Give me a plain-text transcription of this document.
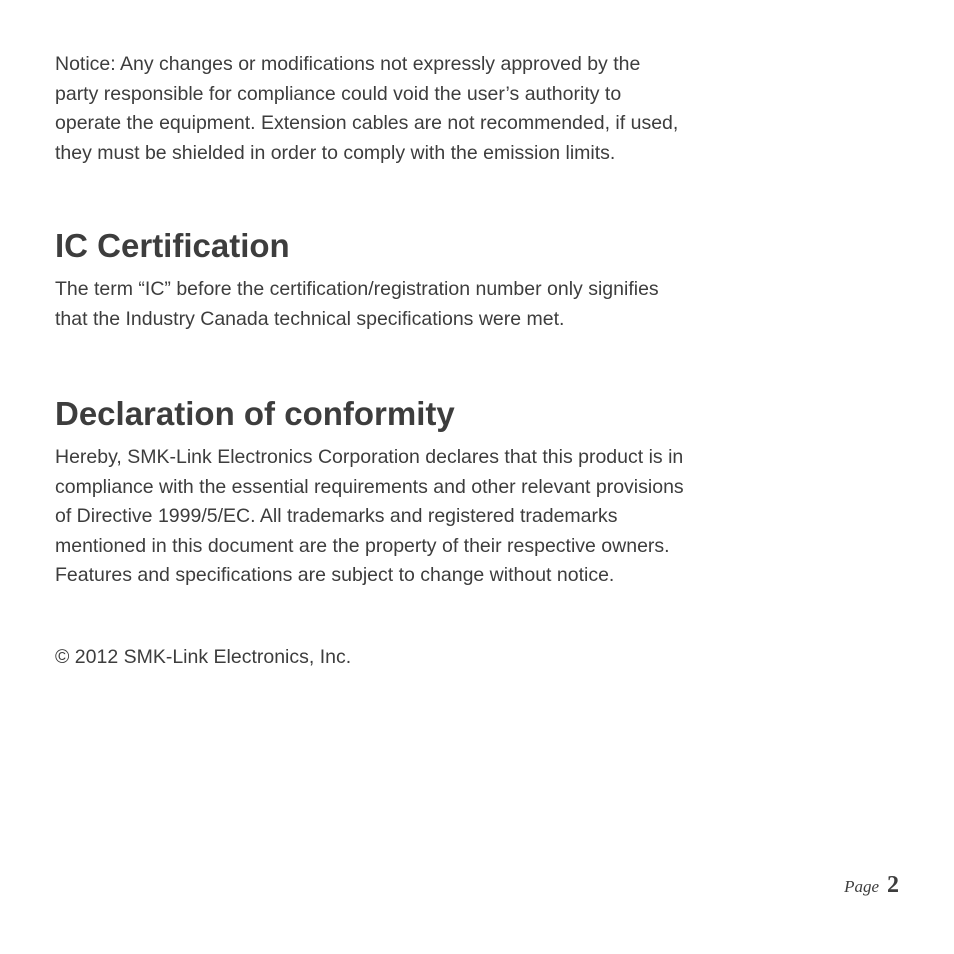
Notice: Any changes or modifications not expressly approved by the
party responsible for compliance could void the user’s authority to
operate the equipment. Extension cables are not recommended, if used,
they must be shielded in order to comply with the emission limits.

IC Certification

The term “IC” before the certification/registration number only signifies
that the Industry Canada technical specifications were met.

Declaration of conformity

Hereby, SMK-Link Electronics Corporation declares that this product is in
compliance with the essential requirements and other relevant provisions
of Directive 1999/5/EC. All trademarks and registered trademarks
mentioned in this document are the property of their respective owners.
Features and specifications are subject to change without notice.

© 2012 SMK-Link Electronics, Inc.

Page 2
